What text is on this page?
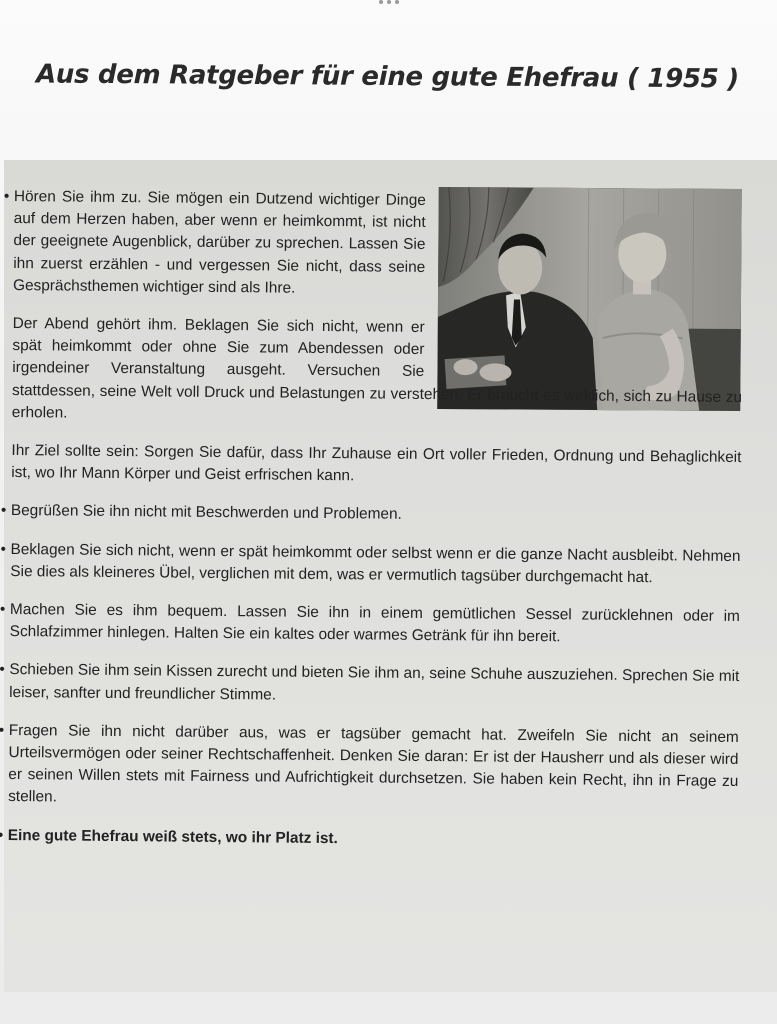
Aus dem Ratgeber für eine gute Ehefrau ( 1955 )

• Hören Sie ihm zu. Sie mögen ein Dutzend wichtiger Dinge auf dem Herzen haben, aber wenn er heimkommt, ist nicht der geeignete Augenblick, darüber zu sprechen. Lassen Sie ihn zuerst erzählen - und vergessen Sie nicht, dass seine Gesprächsthemen wichtiger sind als Ihre.

Der Abend gehört ihm. Beklagen Sie sich nicht, wenn er spät heimkommt oder ohne Sie zum Abendessen oder irgendeiner Veranstaltung ausgeht. Versuchen Sie stattdessen, seine Welt voll Druck und Belastungen zu verstehen. Er braucht es wirklich, sich zu Hause zu erholen.

Ihr Ziel sollte sein: Sorgen Sie dafür, dass Ihr Zuhause ein Ort voller Frieden, Ordnung und Behaglichkeit ist, wo Ihr Mann Körper und Geist erfrischen kann.

• Begrüßen Sie ihn nicht mit Beschwerden und Problemen.

• Beklagen Sie sich nicht, wenn er spät heimkommt oder selbst wenn er die ganze Nacht ausbleibt. Nehmen Sie dies als kleineres Übel, verglichen mit dem, was er vermutlich tagsüber durchgemacht hat.

• Machen Sie es ihm bequem. Lassen Sie ihn in einem gemütlichen Sessel zurücklehnen oder im Schlafzimmer hinlegen. Halten Sie ein kaltes oder warmes Getränk für ihn bereit.

• Schieben Sie ihm sein Kissen zurecht und bieten Sie ihm an, seine Schuhe auszuziehen. Sprechen Sie mit leiser, sanfter und freundlicher Stimme.

• Fragen Sie ihn nicht darüber aus, was er tagsüber gemacht hat. Zweifeln Sie nicht an seinem Urteilsvermögen oder seiner Rechtschaffenheit. Denken Sie daran: Er ist der Hausherr und als dieser wird er seinen Willen stets mit Fairness und Aufrichtigkeit durchsetzen. Sie haben kein Recht, ihn in Frage zu stellen.

• Eine gute Ehefrau weiß stets, wo ihr Platz ist.
